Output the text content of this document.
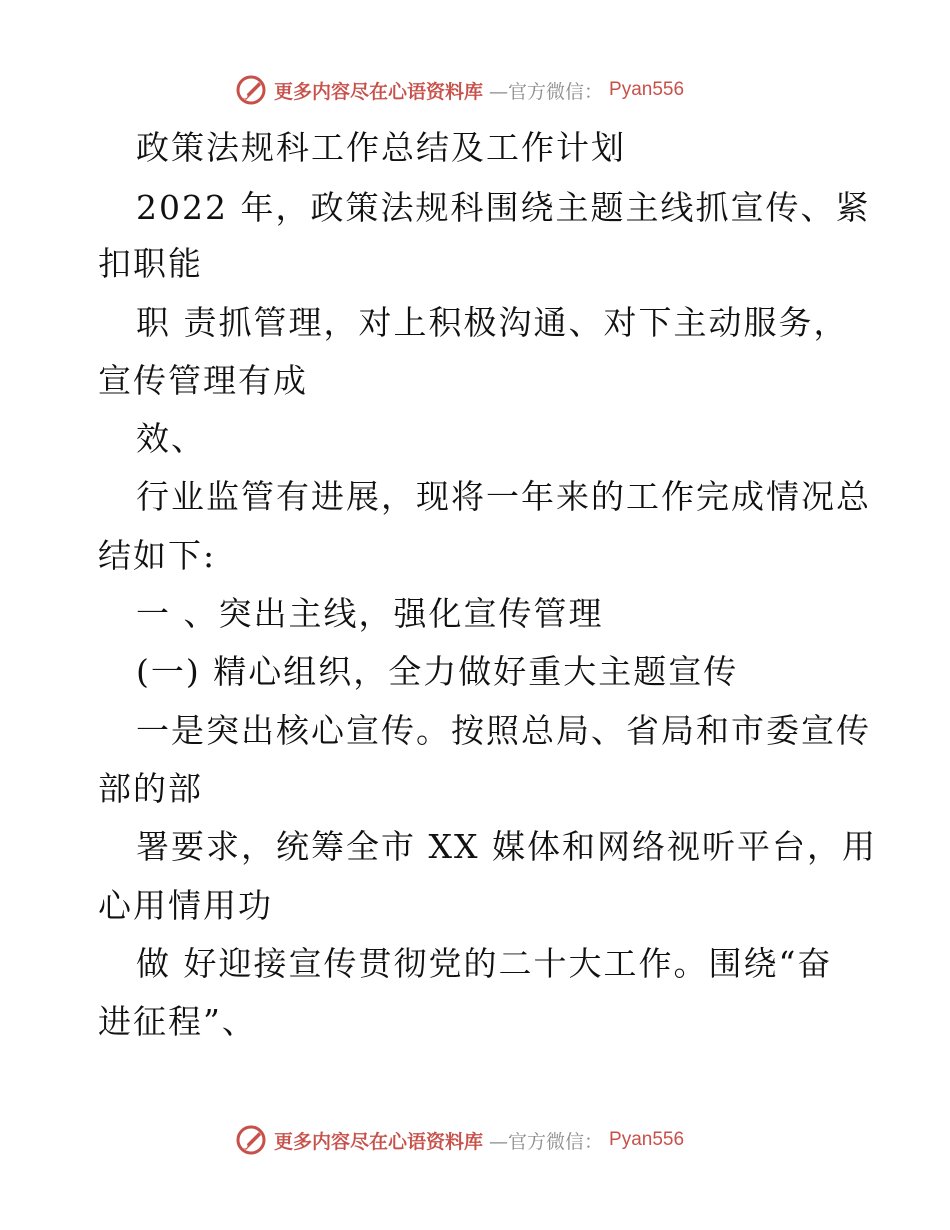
更多内容尽在心语资料库 —官方微信： Pyan556
政策法规科工作总结及工作计划
2022 年，政策法规科围绕主题主线抓宣传、紧
扣职能
职 责抓管理，对上积极沟通、对下主动服务，
宣传管理有成
效、
行业监管有进展，现将一年来的工作完成情况总
结如下:
一 、突出主线，强化宣传管理
(一) 精心组织，全力做好重大主题宣传
一是突出核心宣传。按照总局、省局和市委宣传
部的部
署要求，统筹全市 XX 媒体和网络视听平台，用
心用情用功
做 好迎接宣传贯彻党的二十大工作。围绕“奋
进征程”、
更多内容尽在心语资料库 —官方微信： Pyan556
